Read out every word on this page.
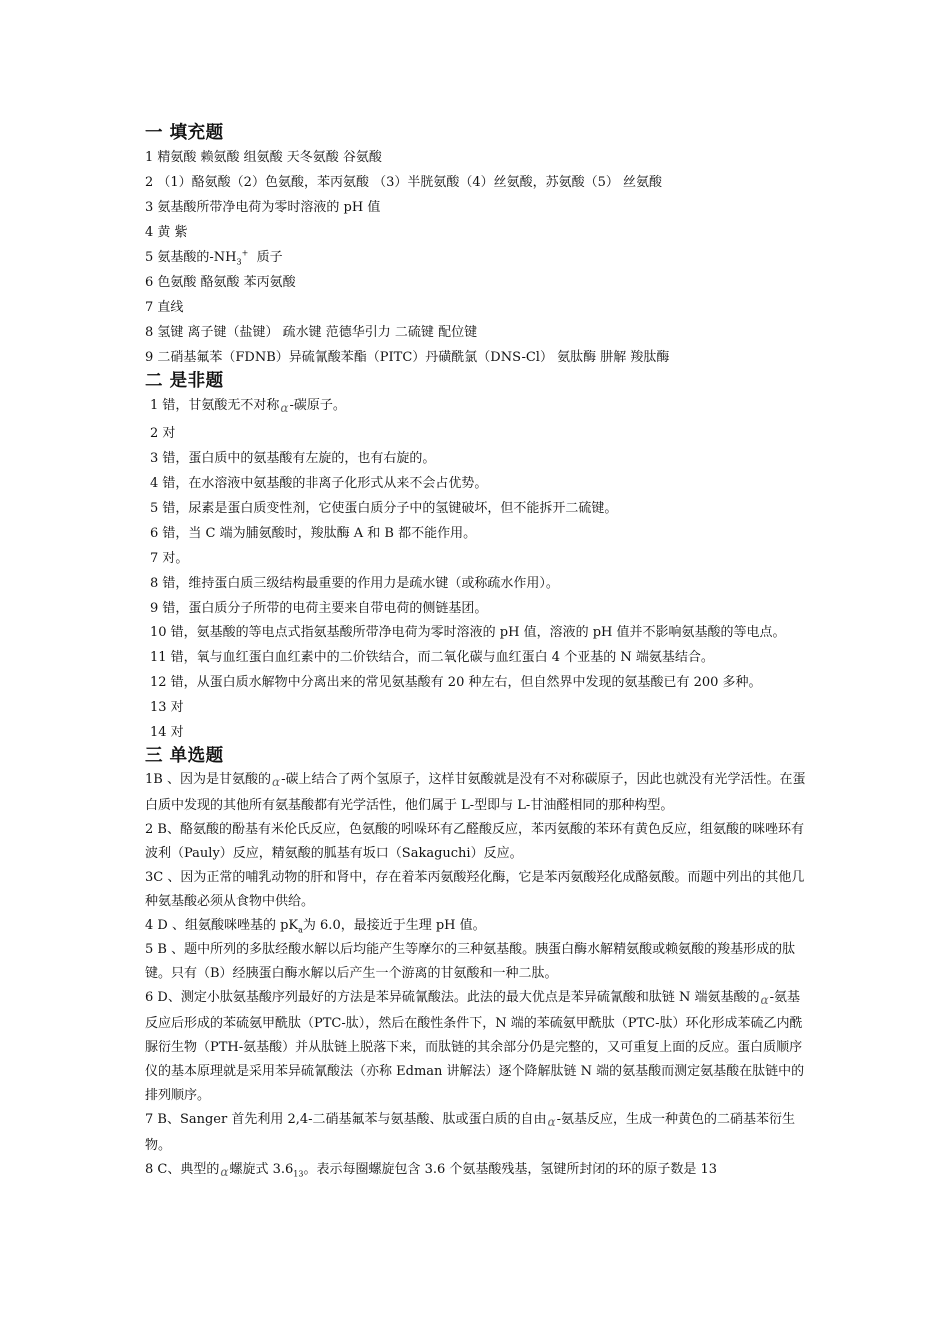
一 填充题
1 精氨酸 赖氨酸 组氨酸 天冬氨酸 谷氨酸
2 （1）酪氨酸（2）色氨酸，苯丙氨酸 （3）半胱氨酸（4）丝氨酸，苏氨酸（5） 丝氨酸
3 氨基酸所带净电荷为零时溶液的 pH 值
4 黄 紫
5 氨基酸的$-NH_3^+$  质子
6 色氨酸 酪氨酸 苯丙氨酸
7 直线
8 氢键 离子键（盐键） 疏水键 范德华引力 二硫键 配位键
9 二硝基氟苯（FDNB）异硫氰酸苯酯（PITC）丹磺酰氯（DNS-Cl） 氨肽酶 肼解 羧肽酶
二 是非题
1 错，甘氨酸无不对称α-碳原子。
2 对
3 错，蛋白质中的氨基酸有左旋的，也有右旋的。
4 错，在水溶液中氨基酸的非离子化形式从来不会占优势。
5 错，尿素是蛋白质变性剂，它使蛋白质分子中的氢键破坏，但不能拆开二硫键。
6 错，当 C 端为脯氨酸时，羧肽酶 A 和 B 都不能作用。
7 对。
8 错，维持蛋白质三级结构最重要的作用力是疏水键（或称疏水作用）。
9 错，蛋白质分子所带的电荷主要来自带电荷的侧链基团。
10 错，氨基酸的等电点式指氨基酸所带净电荷为零时溶液的 pH 值，溶液的 pH 值并不影响氨基酸的等电点。
11 错，氧与血红蛋白血红素中的二价铁结合，而二氧化碳与血红蛋白 4 个亚基的 N 端氨基结合。
12 错，从蛋白质水解物中分离出来的常见氨基酸有 20 种左右，但自然界中发现的氨基酸已有 200 多种。
13 对
14 对
三 单选题
1B 、因为是甘氨酸的α-碳上结合了两个氢原子，这样甘氨酸就是没有不对称碳原子，因此也就没有光学活性。在蛋白质中发现的其他所有氨基酸都有光学活性，他们属于 L-型即与 L-甘油醛相同的那种构型。
2 B、酪氨酸的酚基有米伦氏反应，色氨酸的吲哚环有乙醛酸反应，苯丙氨酸的苯环有黄色反应，组氨酸的咪唑环有波利（Pauly）反应，精氨酸的胍基有坂口（Sakaguchi）反应。
3C 、因为正常的哺乳动物的肝和肾中，存在着苯丙氨酸羟化酶，它是苯丙氨酸羟化成酪氨酸。而题中列出的其他几种氨基酸必须从食物中供给。
4 D 、组氨酸咪唑基的 $pK_a$为 6.0，最接近于生理 pH 值。
5 B 、题中所列的多肽经酸水解以后均能产生等摩尔的三种氨基酸。胰蛋白酶水解精氨酸或赖氨酸的羧基形成的肽键。只有（B）经胰蛋白酶水解以后产生一个游离的甘氨酸和一种二肽。
6 D、测定小肽氨基酸序列最好的方法是苯异硫氰酸法。此法的最大优点是苯异硫氰酸和肽链 N 端氨基酸的α-氨基反应后形成的苯硫氨甲酰肽（PTC-肽），然后在酸性条件下，N 端的苯硫氨甲酰肽（PTC-肽）环化形成苯硫乙内酰脲衍生物（PTH-氨基酸）并从肽链上脱落下来，而肽链的其余部分仍是完整的，又可重复上面的反应。蛋白质顺序仪的基本原理就是采用苯异硫氰酸法（亦称 Edman 讲解法）逐个降解肽链 N 端的氨基酸而测定氨基酸在肽链中的排列顺序。
7 B、Sanger 首先利用 2,4-二硝基氟苯与氨基酸、肽或蛋白质的自由α-氨基反应，生成一种黄色的二硝基苯衍生物。
8 C、典型的α螺旋式 $3.6_{13}$。表示每圈螺旋包含 3.6 个氨基酸残基，氢键所封闭的环的原子数是 13
